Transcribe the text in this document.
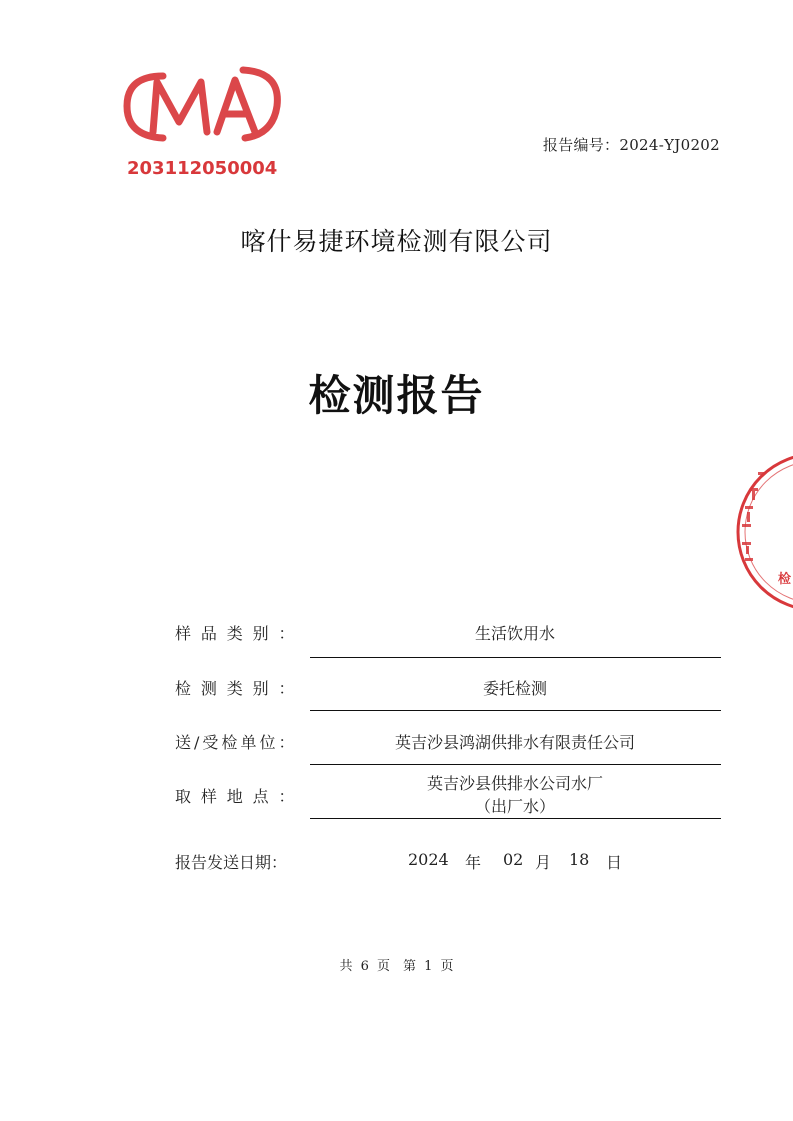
203112050004
报告编号：2024-YJ0202
喀什易捷环境检测有限公司
检测报告
检
样品类别：	生活饮用水
检测类别：	委托检测
送/受检单位：	英吉沙县鸿湖供排水有限责任公司
取样地点：
英吉沙县供排水公司水厂
（出厂水）
报告发送日期：	2024 年 02 月 18 日
共 6 页　第 1 页
